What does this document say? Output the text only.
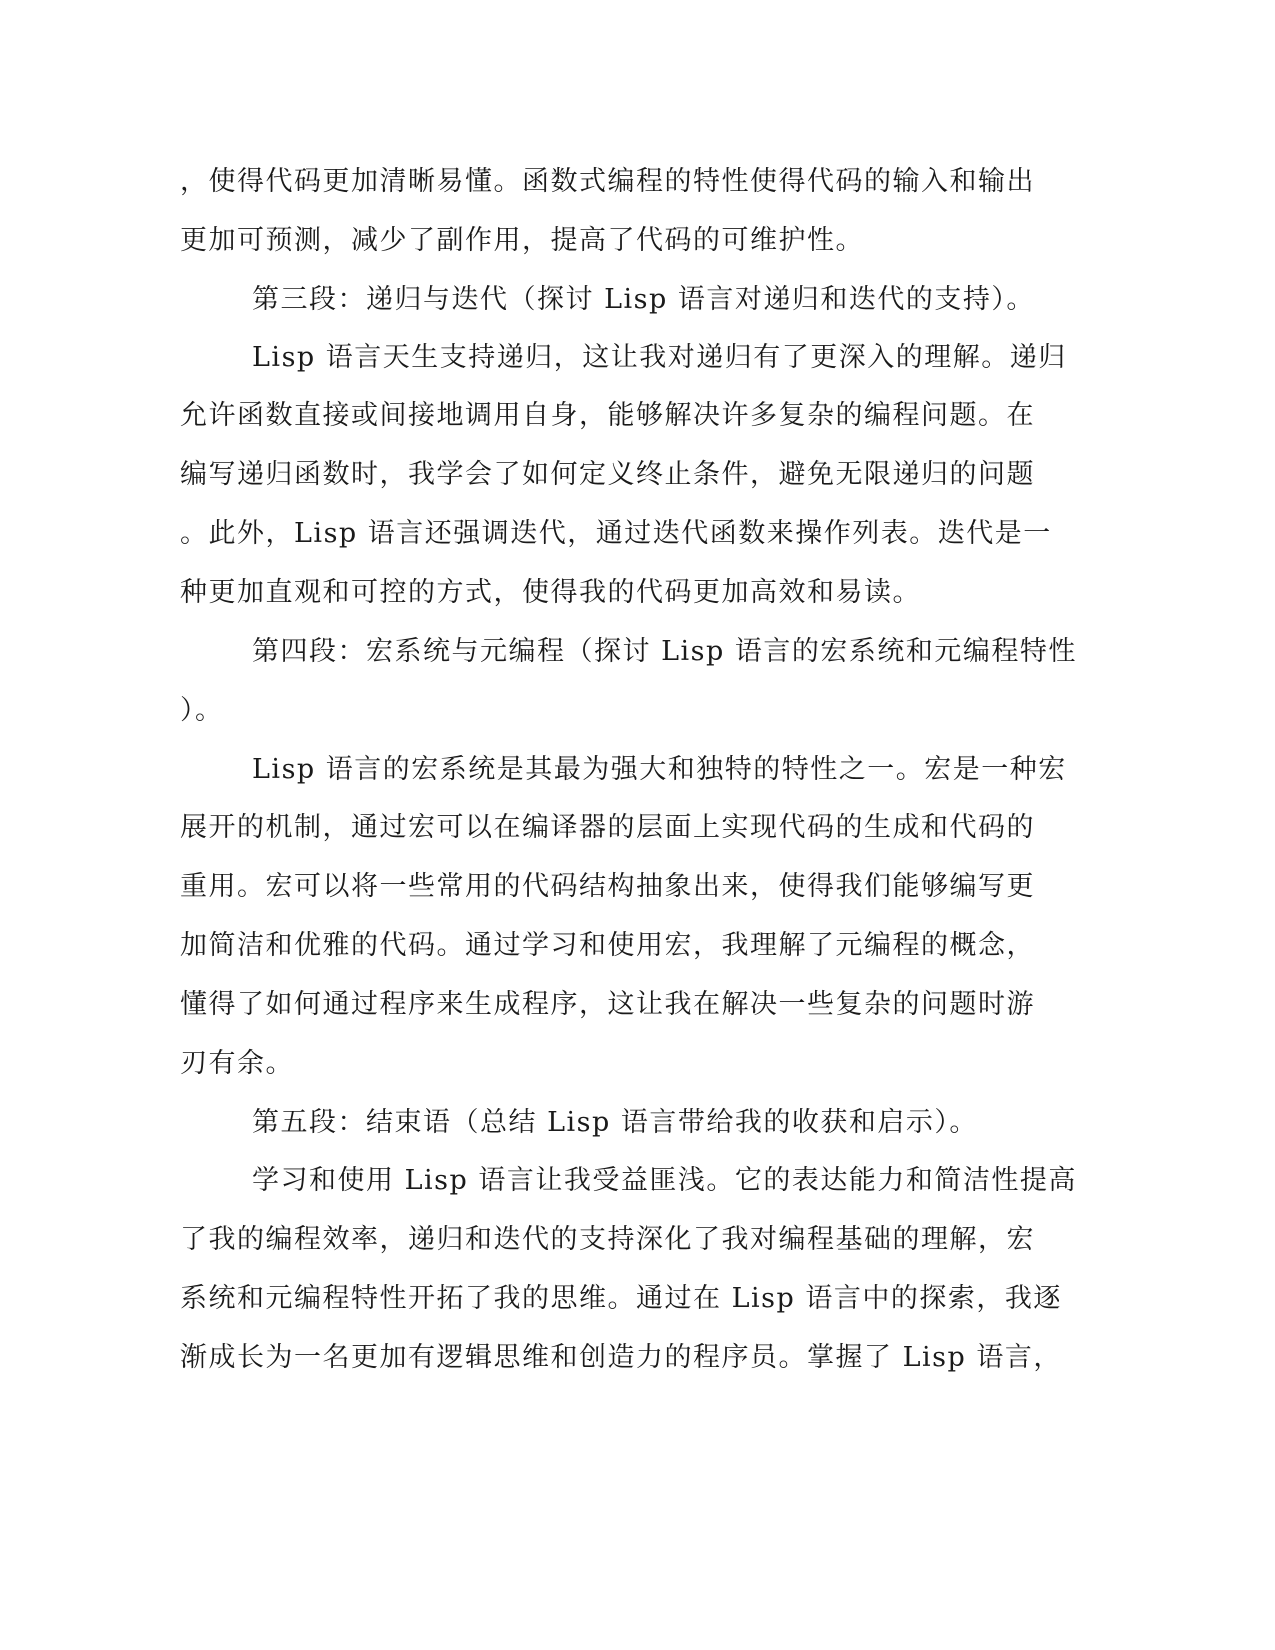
，使得代码更加清晰易懂。函数式编程的特性使得代码的输入和输出

更加可预测，减少了副作用，提高了代码的可维护性。

第三段：递归与迭代（探讨 Lisp 语言对递归和迭代的支持）。

Lisp 语言天生支持递归，这让我对递归有了更深入的理解。递归

允许函数直接或间接地调用自身，能够解决许多复杂的编程问题。在

编写递归函数时，我学会了如何定义终止条件，避免无限递归的问题

。此外，Lisp 语言还强调迭代，通过迭代函数来操作列表。迭代是一

种更加直观和可控的方式，使得我的代码更加高效和易读。

第四段：宏系统与元编程（探讨 Lisp 语言的宏系统和元编程特性

）。

Lisp 语言的宏系统是其最为强大和独特的特性之一。宏是一种宏

展开的机制，通过宏可以在编译器的层面上实现代码的生成和代码的

重用。宏可以将一些常用的代码结构抽象出来，使得我们能够编写更

加简洁和优雅的代码。通过学习和使用宏，我理解了元编程的概念，

懂得了如何通过程序来生成程序，这让我在解决一些复杂的问题时游

刃有余。

第五段：结束语（总结 Lisp 语言带给我的收获和启示）。

学习和使用 Lisp 语言让我受益匪浅。它的表达能力和简洁性提高

了我的编程效率，递归和迭代的支持深化了我对编程基础的理解，宏

系统和元编程特性开拓了我的思维。通过在 Lisp 语言中的探索，我逐

渐成长为一名更加有逻辑思维和创造力的程序员。掌握了 Lisp 语言，
